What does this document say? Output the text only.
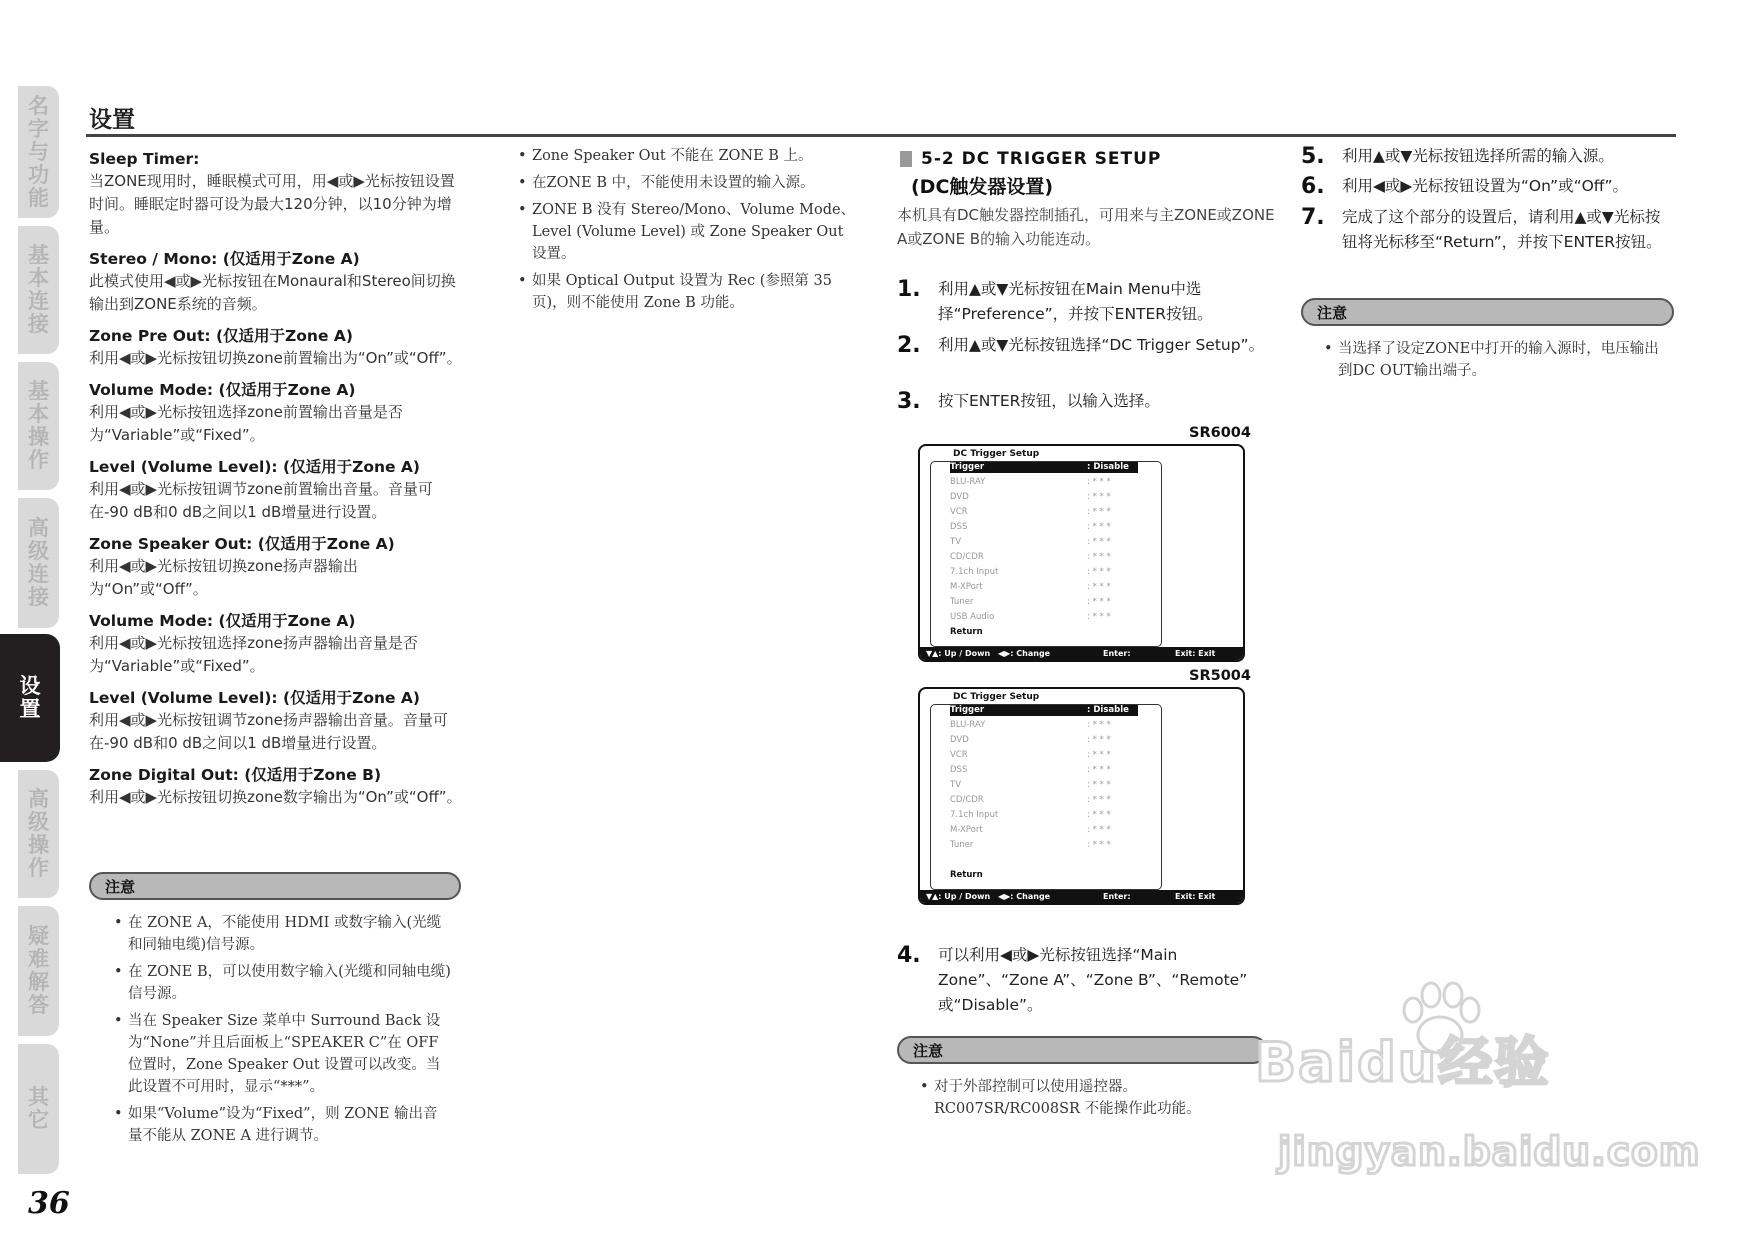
名
字
与
功
能
基
本
连
接
基
本
操
作
高
级
连
接
设
置
高
级
操
作
疑
难
解
答
其
它
36
设置
Sleep Timer:
当ZONE现用时，睡眠模式可用，用◀或▶光标按钮设置时间。睡眠定时器可设为最大120分钟，以10分钟为增量。
Stereo / Mono: (仅适用于Zone A)
此模式使用◀或▶光标按钮在Monaural和Stereo间切换输出到ZONE系统的音频。
Zone Pre Out: (仅适用于Zone A)
利用◀或▶光标按钮切换zone前置输出为“On”或“Off”。
Volume Mode: (仅适用于Zone A)
利用◀或▶光标按钮选择zone前置输出音量是否为“Variable”或“Fixed”。
Level (Volume Level): (仅适用于Zone A)
利用◀或▶光标按钮调节zone前置输出音量。音量可在-90 dB和0 dB之间以1 dB增量进行设置。
Zone Speaker Out: (仅适用于Zone A)
利用◀或▶光标按钮切换zone扬声器输出为“On”或“Off”。
Volume Mode: (仅适用于Zone A)
利用◀或▶光标按钮选择zone扬声器输出音量是否为“Variable”或“Fixed”。
Level (Volume Level): (仅适用于Zone A)
利用◀或▶光标按钮调节zone扬声器输出音量。音量可在-90 dB和0 dB之间以1 dB增量进行设置。
Zone Digital Out: (仅适用于Zone B)
利用◀或▶光标按钮切换zone数字输出为“On”或“Off”。
注意
• 在 ZONE A，不能使用 HDMI 或数字输入(光缆和同轴电缆)信号源。
• 在 ZONE B，可以使用数字输入(光缆和同轴电缆)信号源。
• 当在 Speaker Size 菜单中 Surround Back 设为“None”并且后面板上“SPEAKER C”在 OFF 位置时，Zone Speaker Out 设置可以改变。当此设置不可用时，显示“***”。
• 如果“Volume”设为“Fixed”，则 ZONE 输出音量不能从 ZONE A 进行调节。
• Zone Speaker Out 不能在 ZONE B 上。
• 在ZONE B 中，不能使用未设置的输入源。
• ZONE B 没有 Stereo/Mono、Volume Mode、Level (Volume Level) 或 Zone Speaker Out 设置。
• 如果 Optical Output 设置为 Rec (参照第 35 页)，则不能使用 Zone B 功能。
5-2 DC TRIGGER SETUP
(DC触发器设置)
本机具有DC触发器控制插孔，可用来与主ZONE或ZONE A或ZONE B的输入功能连动。
1.	利用▲或▼光标按钮在Main Menu中选择“Preference”，并按下ENTER按钮。
2.	利用▲或▼光标按钮选择“DC Trigger Setup”。
3.	按下ENTER按钮，以输入选择。
SR6004
DC Trigger Setup
Trigger	: Disable
BLU-RAY	: * * *
DVD	: * * *
VCR	: * * *
DSS	: * * *
TV	: * * *
CD/CDR	: * * *
7.1ch Input	: * * *
M-XPort	: * * *
Tuner	: * * *
USB Audio	: * * *
Return
▼▲: Up / Down ◀▶: Change	Enter:	Exit: Exit
SR5004
DC Trigger Setup
Trigger	: Disable
BLU-RAY	: * * *
DVD	: * * *
VCR	: * * *
DSS	: * * *
TV	: * * *
CD/CDR	: * * *
7.1ch Input	: * * *
M-XPort	: * * *
Tuner	: * * *
Return
▼▲: Up / Down ◀▶: Change	Enter:	Exit: Exit
4.	可以利用◀或▶光标按钮选择“Main Zone”、“Zone A”、“Zone B”、“Remote” 或“Disable”。
注意
• 对于外部控制可以使用遥控器。RC007SR/RC008SR 不能操作此功能。
5.	利用▲或▼光标按钮选择所需的输入源。
6.	利用◀或▶光标按钮设置为“On”或“Off”。
7.	完成了这个部分的设置后，请利用▲或▼光标按钮将光标移至“Return”，并按下ENTER按钮。
注意
• 当选择了设定ZONE中打开的输入源时，电压输出到DC OUT输出端子。
Baidu经验
jingyan.baidu.com
